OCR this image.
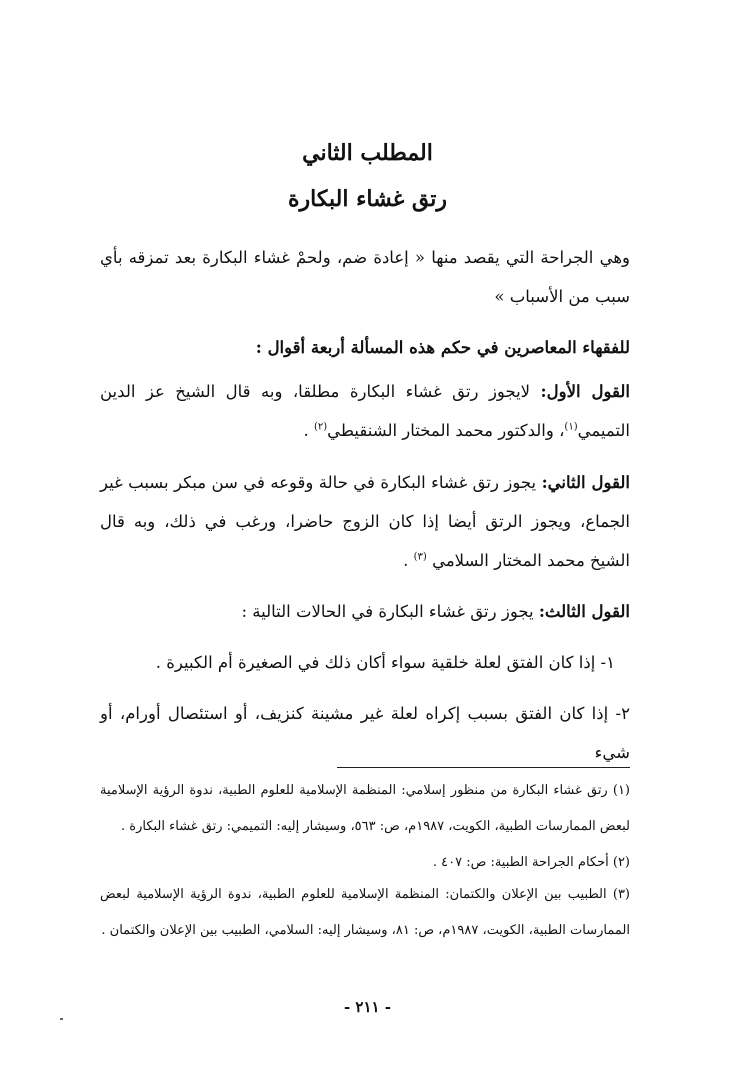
المطلب الثاني
رتق غشاء البكارة

وهي الجراحة التي يقصد منها « إعادة ضم، ولحمْ غشاء البكارة بعد تمزقه بأي سبب من الأسباب »

للفقهاء المعاصرين في حكم هذه المسألة أربعة أقوال :

القول الأول: لايجوز رتق غشاء البكارة مطلقا، وبه قال الشيخ عز الدين التميمي$^{(١)}$، والدكتور محمد المختار الشنقيطي$^{(٢)}$ .

القول الثاني: يجوز رتق غشاء البكارة في حالة وقوعه في سن مبكر بسبب غير الجماع، ويجوز الرتق أيضا إذا كان الزوج حاضرا، ورغب في ذلك، وبه قال الشيخ محمد المختار السلامي $^{(٣)}$ .

القول الثالث: يجوز رتق غشاء البكارة في الحالات التالية :

١- إذا كان الفتق لعلة خلقية سواء أكان ذلك في الصغيرة أم الكبيرة .

٢- إذا كان الفتق بسبب إكراه لعلة غير مشينة كنزيف، أو استئصال أورام، أو شيء

(١) رتق غشاء البكارة من منظور إسلامي: المنظمة الإسلامية للعلوم الطبية، ندوة الرؤية الإسلامية لبعض الممارسات الطبية، الكويت، ١٩٨٧م، ص: ٥٦٣، وسيشار إليه: التميمي: رتق غشاء البكارة .

(٢) أحكام الجراحة الطبية: ص: ٤٠٧ .

(٣) الطبيب بين الإعلان والكتمان: المنظمة الإسلامية للعلوم الطبية، ندوة الرؤية الإسلامية لبعض الممارسات الطبية، الكويت، ١٩٨٧م، ص: ٨١، وسيشار إليه: السلامي، الطبيب بين الإعلان والكتمان .

- ٢١١ -
